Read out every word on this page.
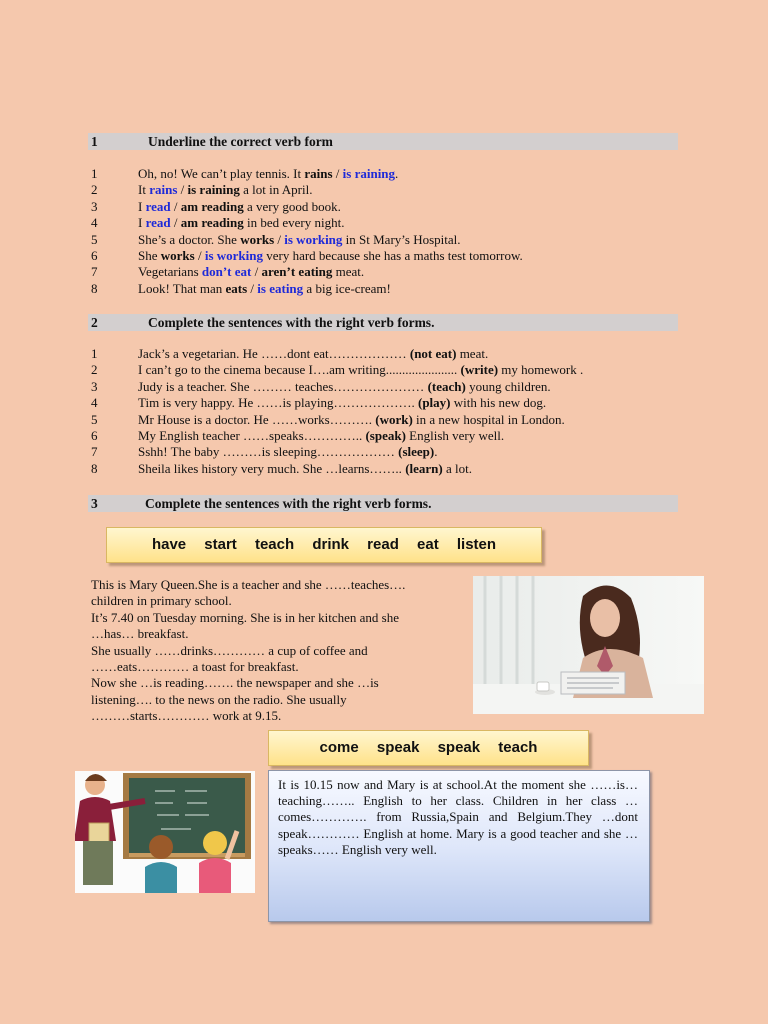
1	Underline the correct verb form
1	Oh, no! We can’t play tennis. It rains / is raining.
2	It rains / is raining a lot in April.
3	I read / am reading a very good book.
4	I read / am reading in bed every night.
5	She’s a doctor. She works / is working in St Mary’s Hospital.
6	She works / is working very hard because she has a maths test tomorrow.
7	Vegetarians don’t eat / aren’t eating meat.
8	Look! That man eats / is eating a big ice-cream!
2	Complete the sentences with the right verb forms.
1	Jack’s a vegetarian. He ……dont eat……………… (not eat) meat.
2	I can’t go to the cinema because I….am writing...................... (write) my homework .
3	Judy is a teacher. She ……… teaches………………… (teach) young children.
4	Tim is very happy. He ……is playing………………. (play) with his new dog.
5	Mr House is a doctor. He ……works………. (work) in a new hospital in London.
6	My English teacher ……speaks………….. (speak) English very well.
7	Sshh! The baby ………is sleeping……………… (sleep).
8	Sheila likes history very much. She …learns…….. (learn) a lot.
3	Complete the sentences with the right verb forms.
have start teach drink read eat listen
This is Mary Queen.She is a teacher and she ……teaches….
children in primary school.
It’s 7.40 on Tuesday morning. She is in her kitchen and she
…has… breakfast.
She usually ……drinks………… a cup of coffee and
……eats………… a toast for breakfast.
Now she …is reading……. the newspaper and she …is
listening…. to the news on the radio. She usually
………starts………… work at 9.15.
come speak speak teach

It is 10.15 now and Mary is at school.At the moment she ……is…teaching…….. English to her class. Children in her class …comes…………. from Russia,Spain and Belgium.They …dont speak………… English at home. Mary is a good teacher and she …speaks…… English very well.
